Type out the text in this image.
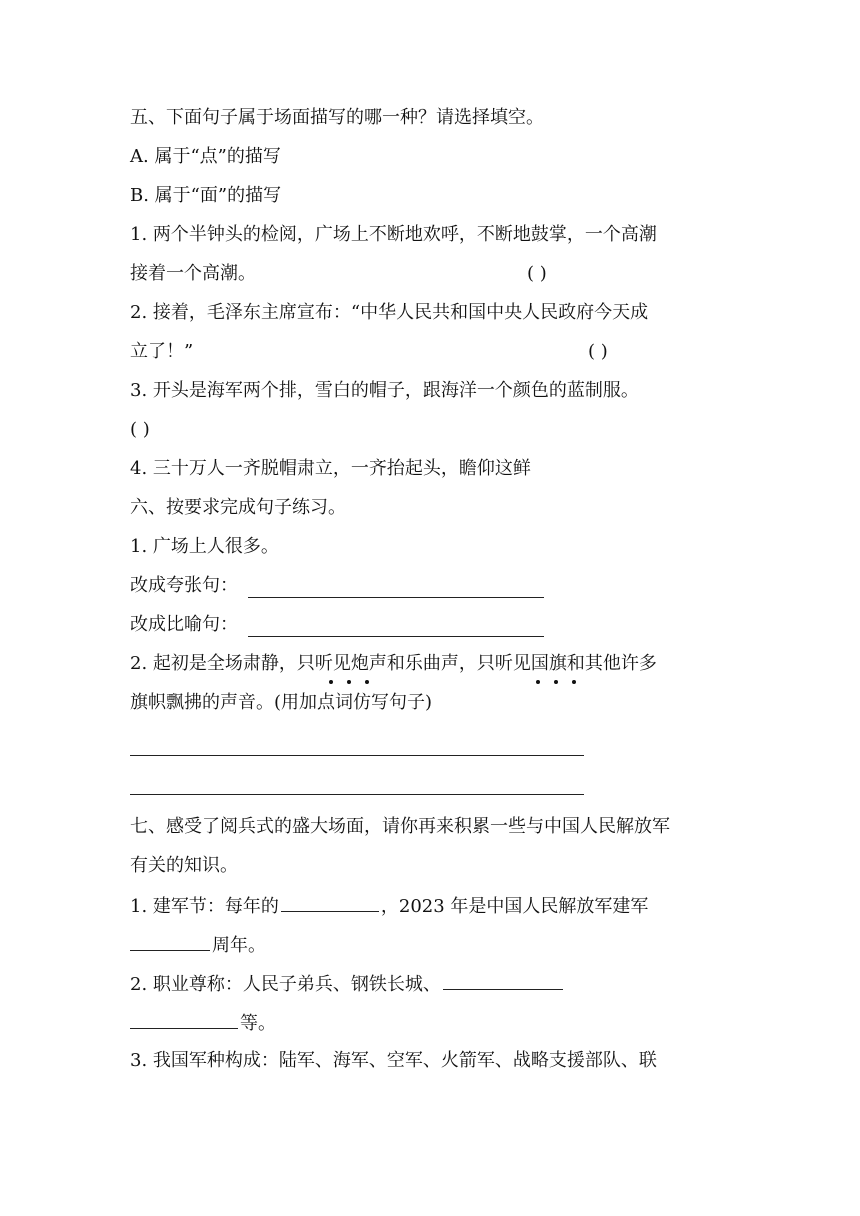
五、下面句子属于场面描写的哪一种？请选择填空。
A. 属于“点”的描写
B. 属于“面”的描写
1. 两个半钟头的检阅，广场上不断地欢呼，不断地鼓掌，一个高潮
接着一个高潮。	( )
2. 接着，毛泽东主席宣布：“中华人民共和国中央人民政府今天成
立了！”	( )
3. 开头是海军两个排，雪白的帽子，跟海洋一个颜色的蓝制服。
( )
4. 三十万人一齐脱帽肃立，一齐抬起头，瞻仰这鲜
六、按要求完成句子练习。
1. 广场上人很多。
改成夸张句：
改成比喻句：
2. 起初是全场肃静，只听见炮声和乐曲声，只听见国旗和其他许多
旗帜飘拂的声音。(用加点词仿写句子)
七、感受了阅兵式的盛大场面，请你再来积累一些与中国人民解放军
有关的知识。
1. 建军节：每年的	，2023 年是中国人民解放军建军
周年。
2. 职业尊称：人民子弟兵、钢铁长城、
等。
3. 我国军种构成：陆军、海军、空军、火箭军、战略支援部队、联
